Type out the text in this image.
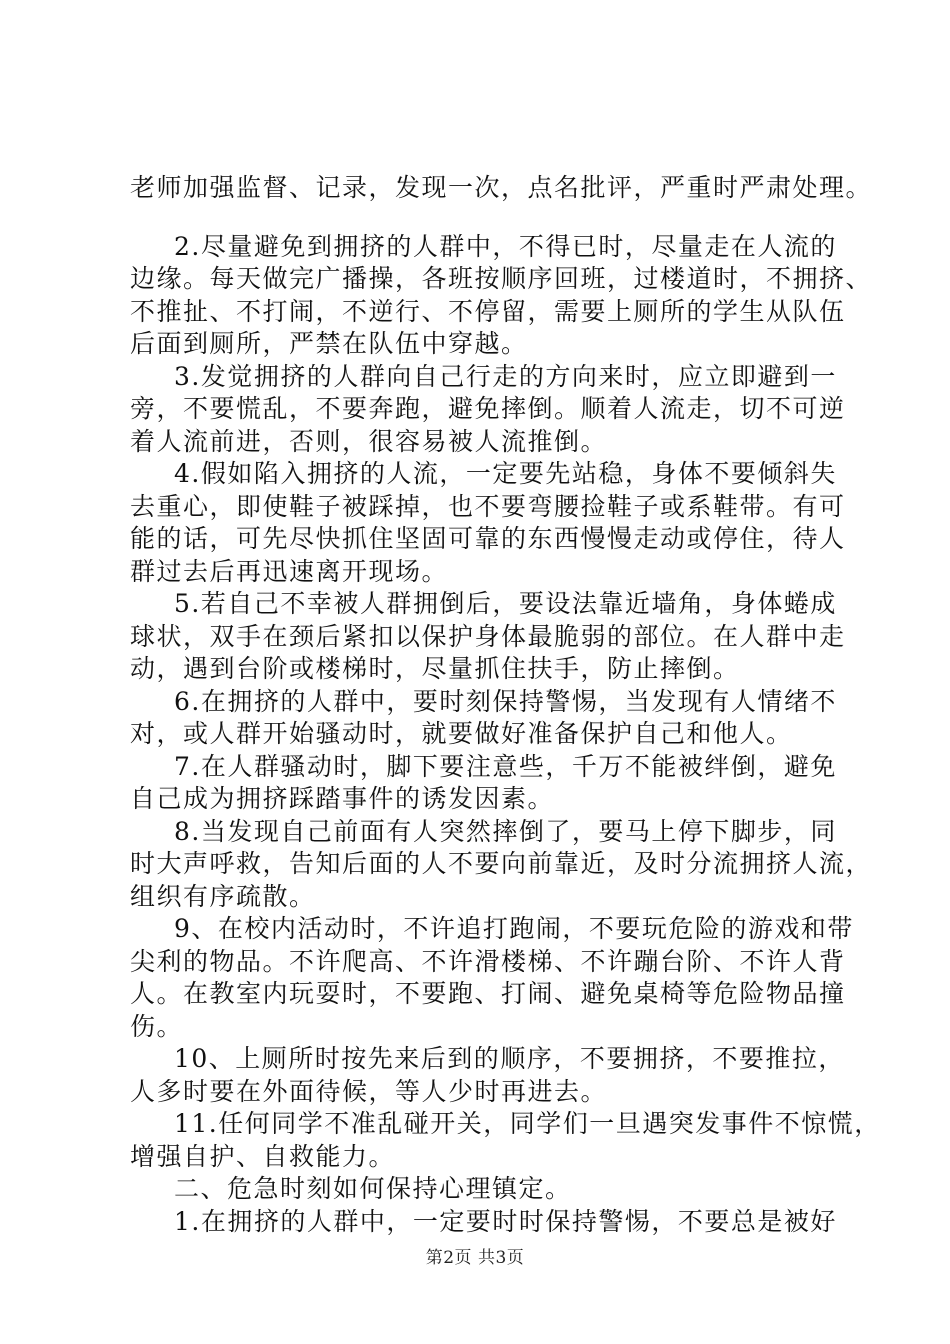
老师加强监督、记录，发现一次，点名批评，严重时严肃处理。
2.尽量避免到拥挤的人群中，不得已时，尽量走在人流的
边缘。每天做完广播操，各班按顺序回班，过楼道时，不拥挤、
不推扯、不打闹，不逆行、不停留，需要上厕所的学生从队伍
后面到厕所，严禁在队伍中穿越。
3.发觉拥挤的人群向自己行走的方向来时，应立即避到一
旁，不要慌乱，不要奔跑，避免摔倒。顺着人流走，切不可逆
着人流前进，否则，很容易被人流推倒。
4.假如陷入拥挤的人流，一定要先站稳，身体不要倾斜失
去重心，即使鞋子被踩掉，也不要弯腰捡鞋子或系鞋带。有可
能的话，可先尽快抓住坚固可靠的东西慢慢走动或停住，待人
群过去后再迅速离开现场。
5.若自己不幸被人群拥倒后，要设法靠近墙角，身体蜷成
球状，双手在颈后紧扣以保护身体最脆弱的部位。在人群中走
动，遇到台阶或楼梯时，尽量抓住扶手，防止摔倒。
6.在拥挤的人群中，要时刻保持警惕，当发现有人情绪不
对，或人群开始骚动时，就要做好准备保护自己和他人。
7.在人群骚动时，脚下要注意些，千万不能被绊倒，避免
自己成为拥挤踩踏事件的诱发因素。
8.当发现自己前面有人突然摔倒了，要马上停下脚步，同
时大声呼救，告知后面的人不要向前靠近，及时分流拥挤人流，
组织有序疏散。
9、在校内活动时，不许追打跑闹，不要玩危险的游戏和带
尖利的物品。不许爬高、不许滑楼梯、不许蹦台阶、不许人背
人。在教室内玩耍时，不要跑、打闹、避免桌椅等危险物品撞
伤。
10、上厕所时按先来后到的顺序，不要拥挤，不要推拉，
人多时要在外面待候，等人少时再进去。
11.任何同学不准乱碰开关，同学们一旦遇突发事件不惊慌，
增强自护、自救能力。
二、危急时刻如何保持心理镇定。
1.在拥挤的人群中，一定要时时保持警惕，不要总是被好
第2页 共3页
